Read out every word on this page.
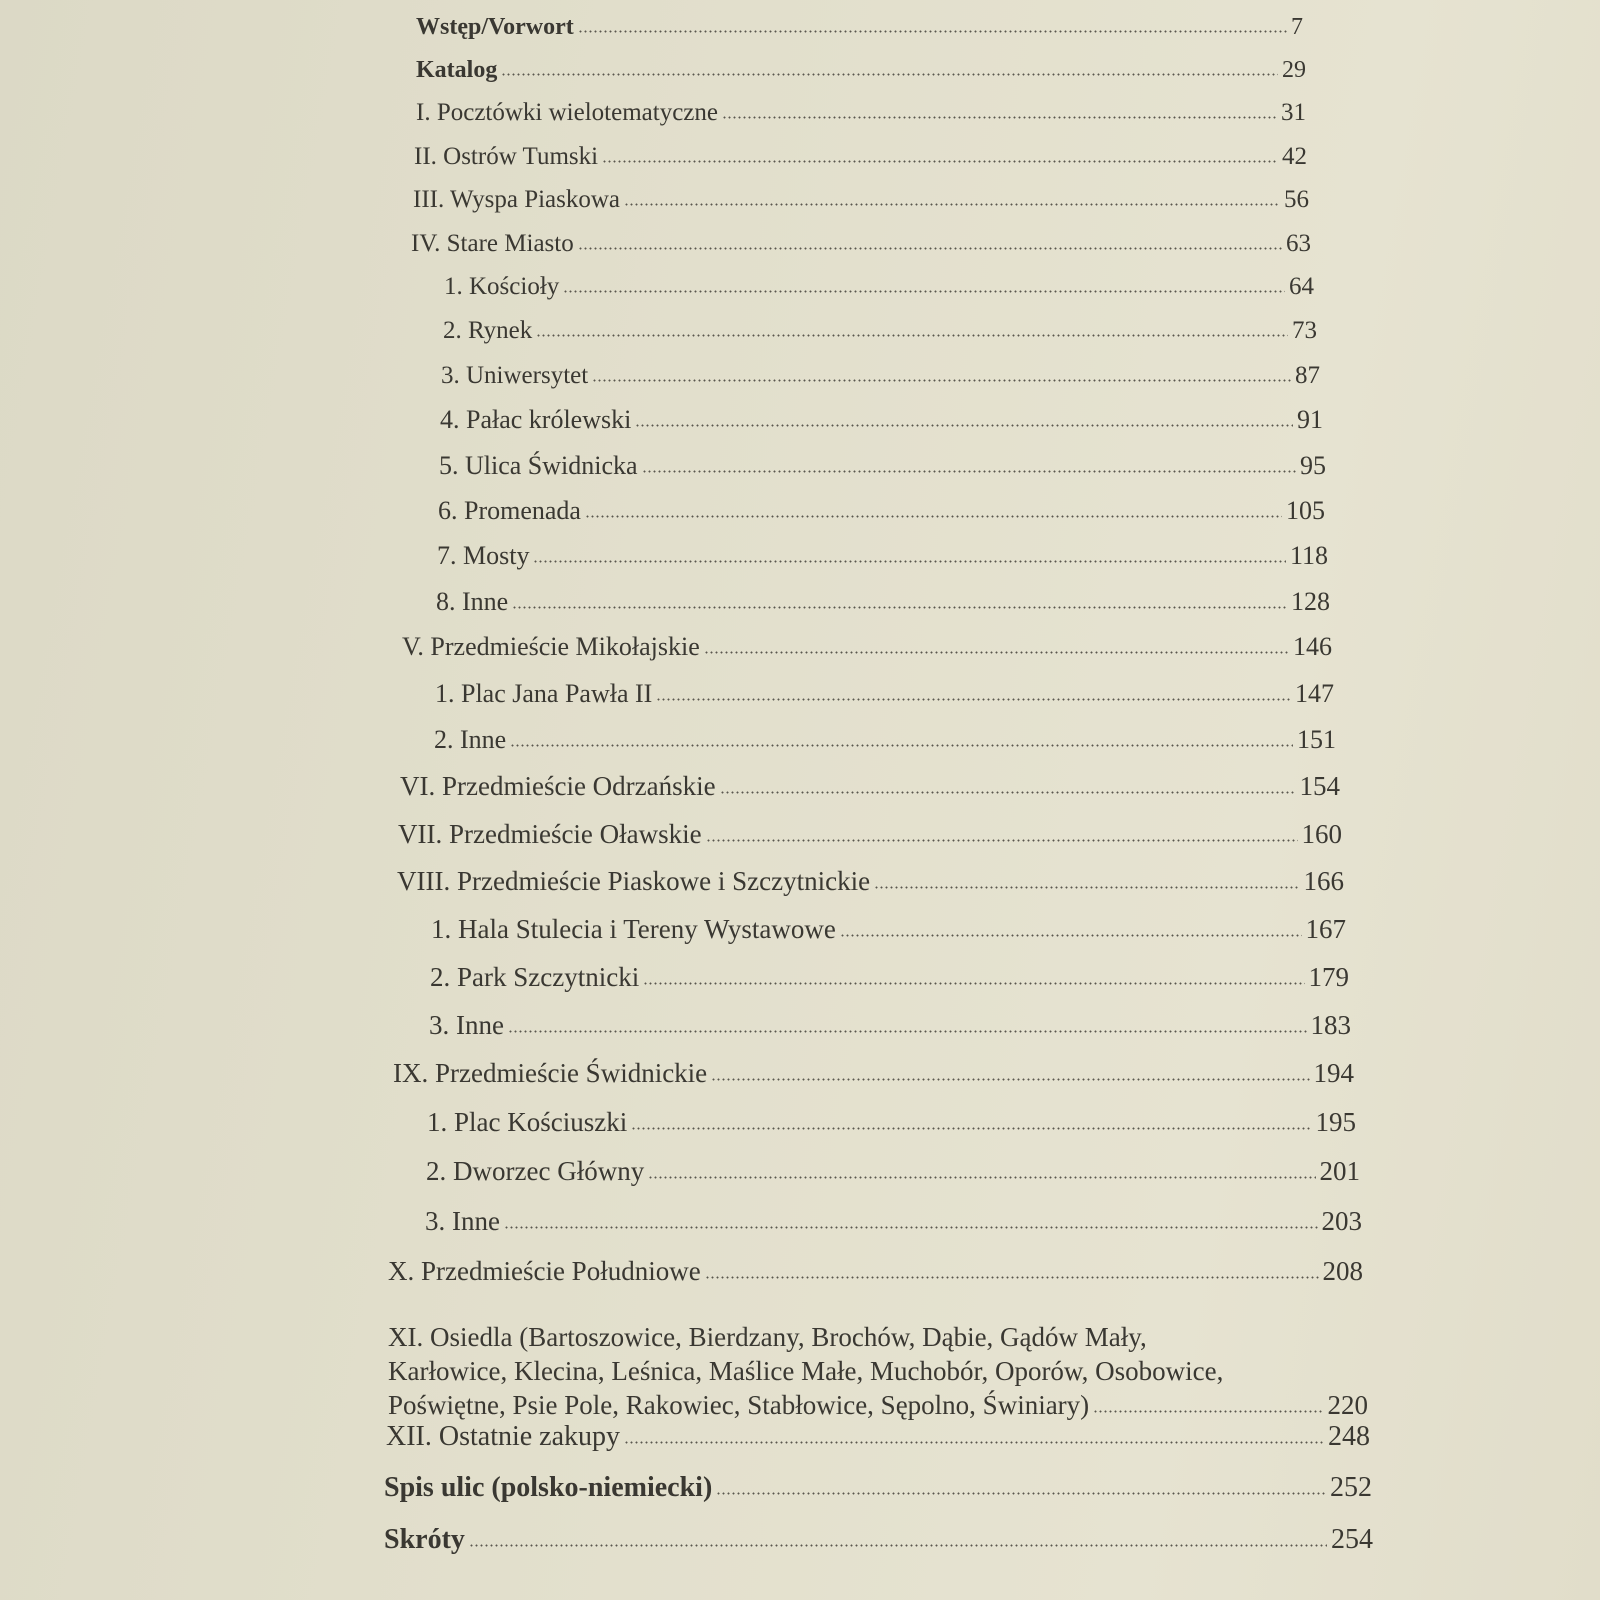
Wstęp/Vorwort	7
Katalog	29
I. Pocztówki wielotematyczne	31
II. Ostrów Tumski	42
III. Wyspa Piaskowa	56
IV. Stare Miasto	63
1. Kościoły	64
2. Rynek	73
3. Uniwersytet	87
4. Pałac królewski	91
5. Ulica Świdnicka	95
6. Promenada	105
7. Mosty	118
8. Inne	128
V. Przedmieście Mikołajskie	146
1. Plac Jana Pawła II	147
2. Inne	151
VI. Przedmieście Odrzańskie	154
VII. Przedmieście Oławskie	160
VIII. Przedmieście Piaskowe i Szczytnickie	166
1. Hala Stulecia i Tereny Wystawowe	167
2. Park Szczytnicki	179
3. Inne	183
IX. Przedmieście Świdnickie	194
1. Plac Kościuszki	195
2. Dworzec Główny	201
3. Inne	203
X. Przedmieście Południowe	208
XI. Osiedla (Bartoszowice, Bierdzany, Brochów, Dąbie, Gądów Mały,
Karłowice, Klecina, Leśnica, Maślice Małe, Muchobór, Oporów, Osobowice,
Poświętne, Psie Pole, Rakowiec, Stabłowice, Sępolno, Świniary)	220
XII. Ostatnie zakupy	248
Spis ulic (polsko-niemiecki)	252
Skróty	254
